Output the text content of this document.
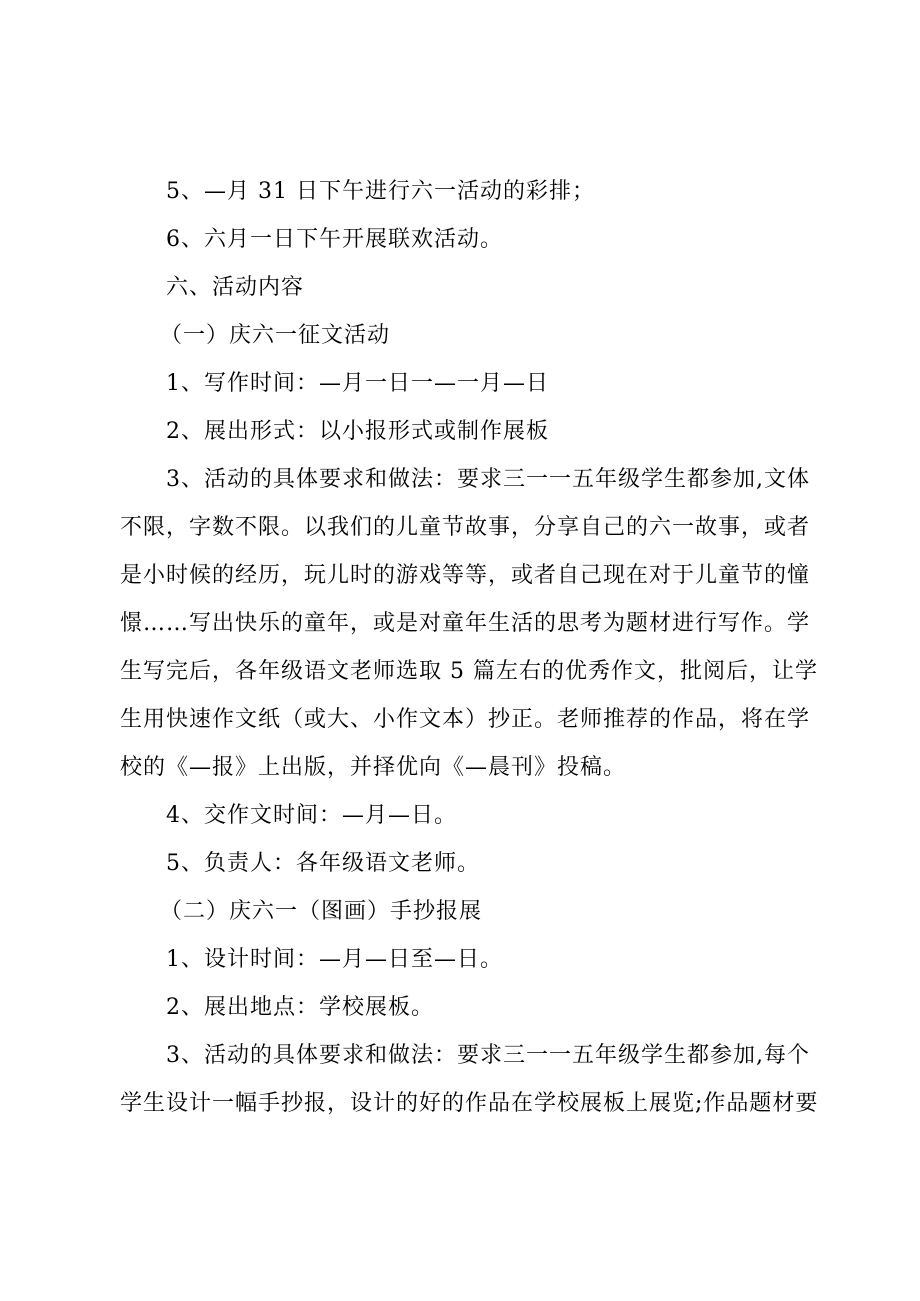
5、—月 31 日下午进行六一活动的彩排；
6、六月一日下午开展联欢活动。
六、活动内容
（一）庆六一征文活动
1、写作时间：—月一日一—一月—日
2、展出形式：以小报形式或制作展板
3、活动的具体要求和做法：要求三一一五年级学生都参加,文体
不限，字数不限。以我们的儿童节故事，分享自己的六一故事，或者
是小时候的经历，玩儿时的游戏等等，或者自己现在对于儿童节的憧
憬……写出快乐的童年，或是对童年生活的思考为题材进行写作。学
生写完后，各年级语文老师选取 5 篇左右的优秀作文，批阅后，让学
生用快速作文纸（或大、小作文本）抄正。老师推荐的作品，将在学
校的《—报》上出版，并择优向《—晨刊》投稿。
4、交作文时间：—月—日。
5、负责人：各年级语文老师。
（二）庆六一（图画）手抄报展
1、设计时间：—月—日至—日。
2、展出地点：学校展板。
3、活动的具体要求和做法：要求三一一五年级学生都参加,每个
学生设计一幅手抄报，设计的好的作品在学校展板上展览;作品题材要
